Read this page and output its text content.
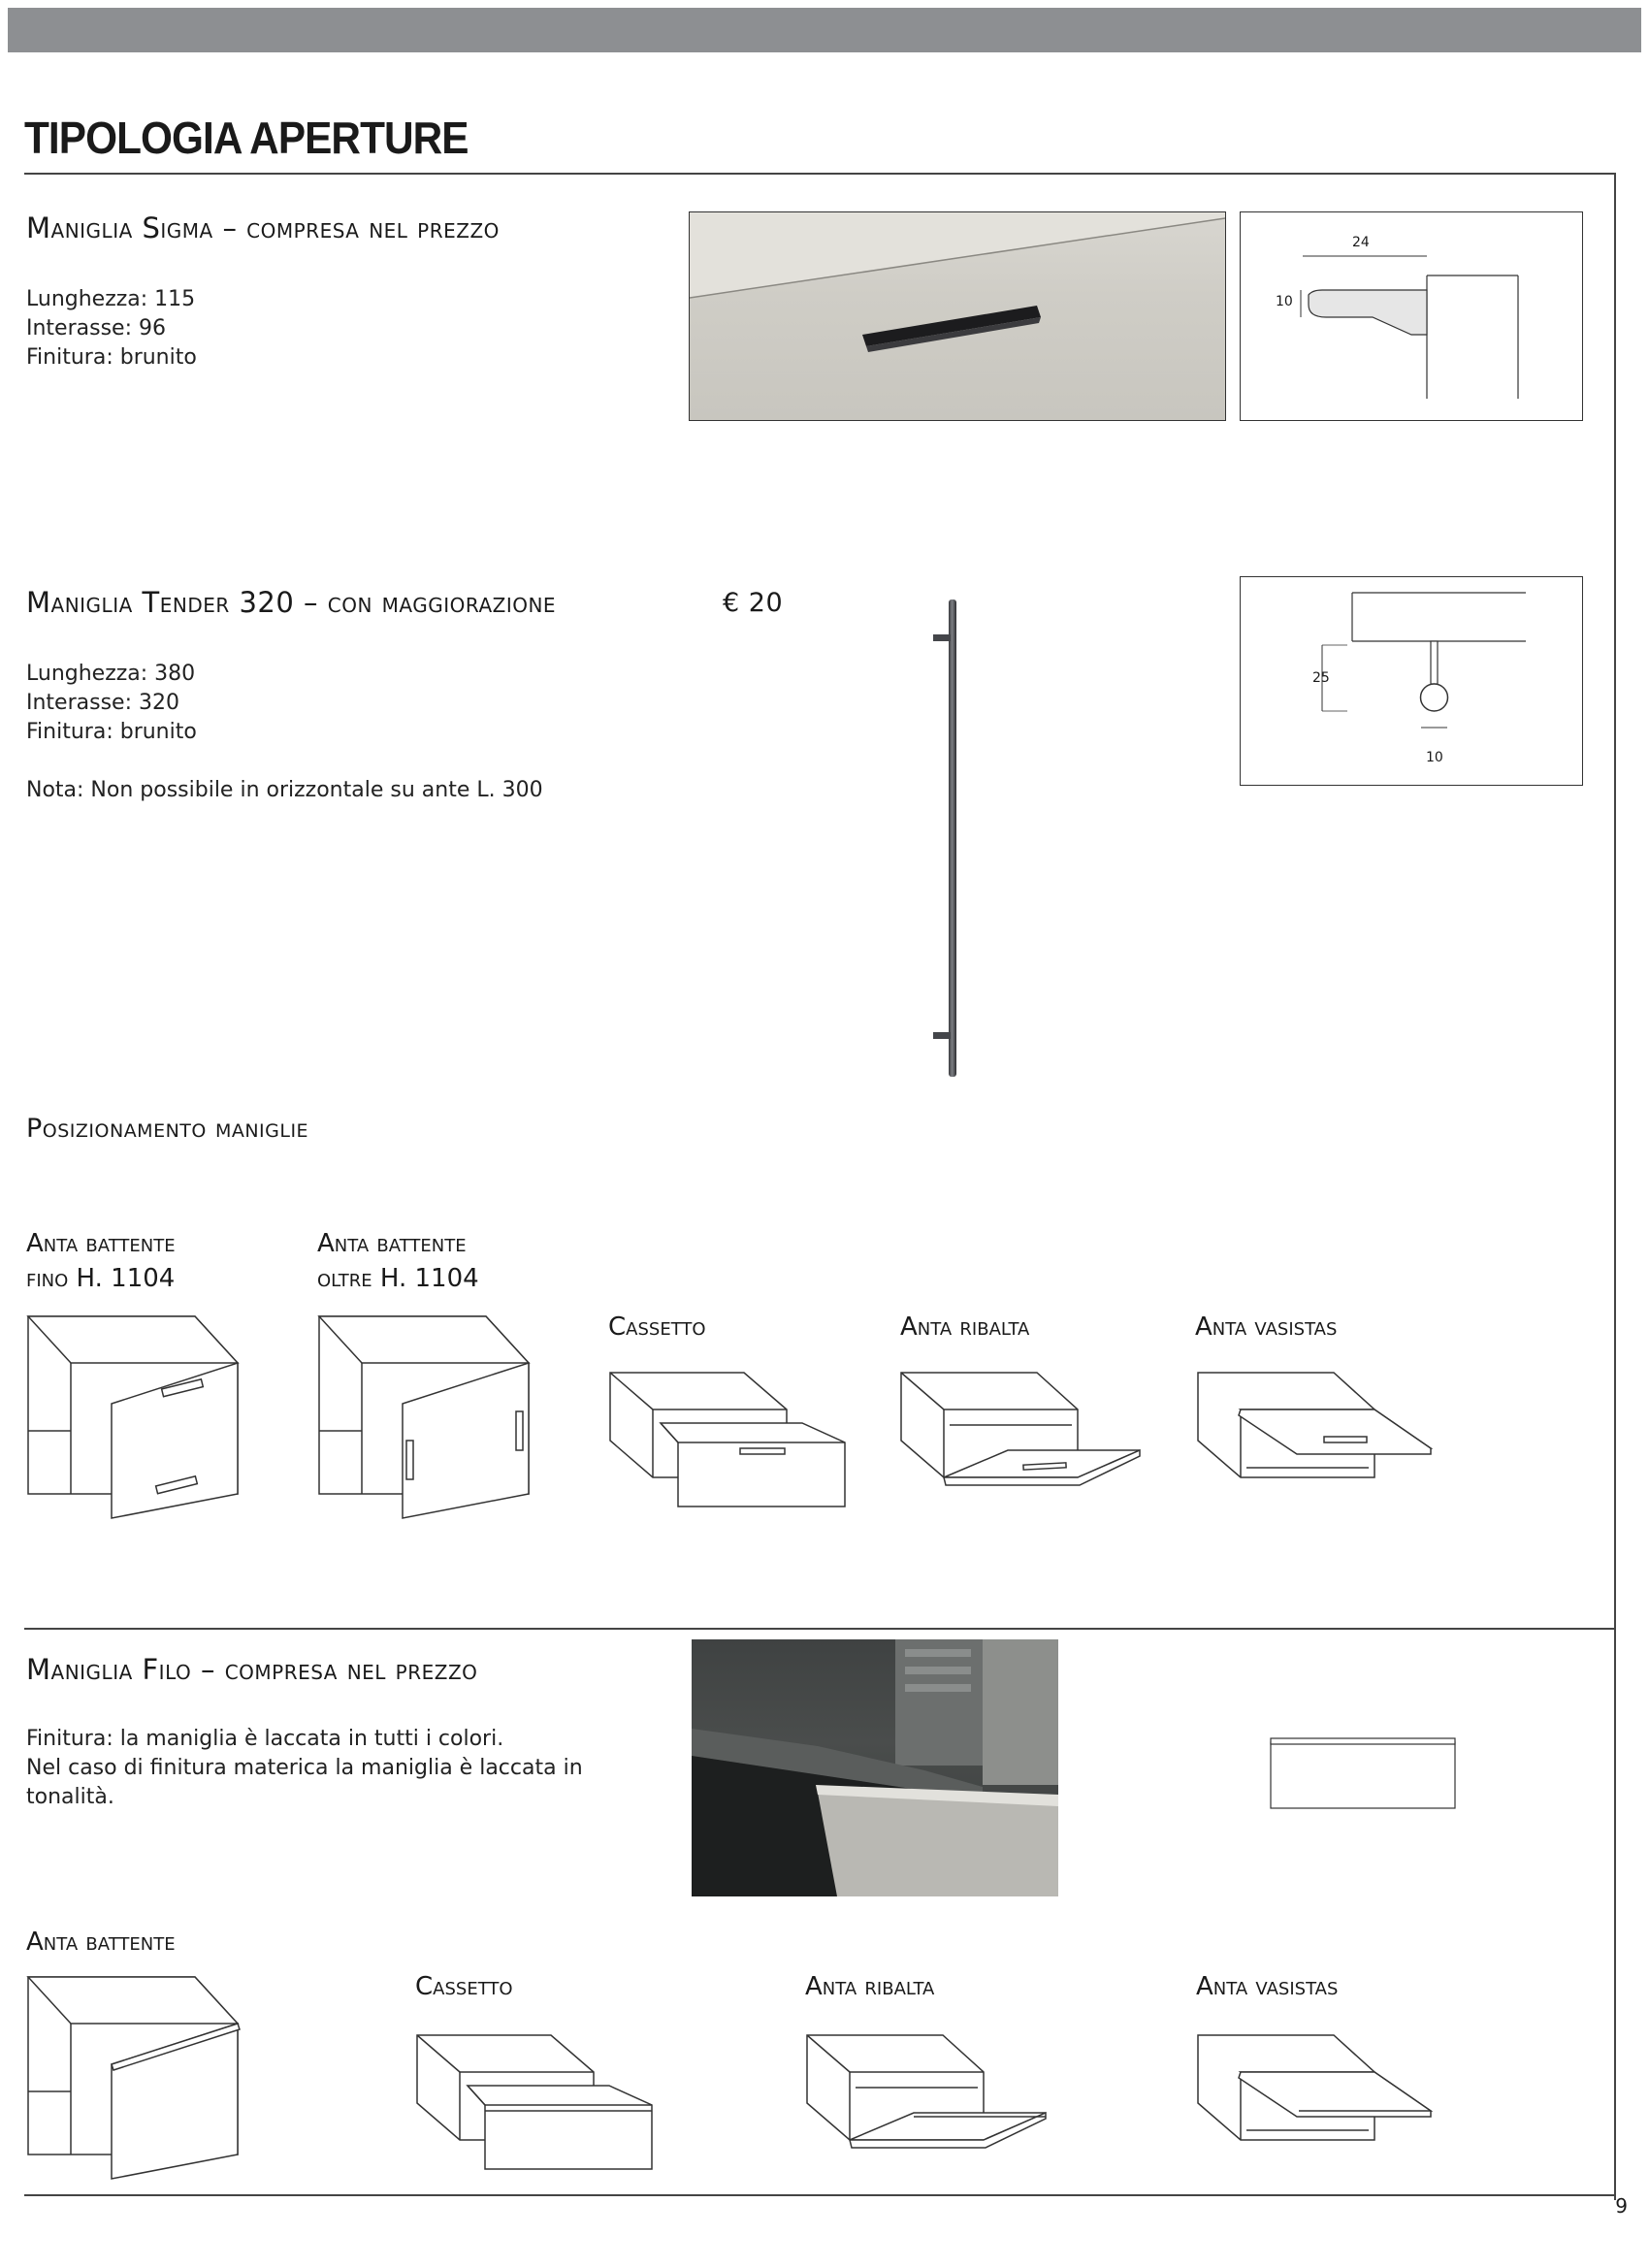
TIPOLOGIA APERTURE
Maniglia Sigma – compresa nel prezzo
Lunghezza: 115
Interasse: 96
Finitura: brunito
24
10
Maniglia Tender 320 – con maggiorazione	€ 20
Lunghezza: 380
Interasse: 320
Finitura: brunito
Nota: Non possibile in orizzontale su ante L. 300
25
10
Posizionamento maniglie
Anta battente
fino H. 1104
Anta battente
oltre H. 1104
Cassetto	Anta ribalta	Anta vasistas
Maniglia Filo – compresa nel prezzo
Finitura: la maniglia è laccata in tutti i colori.
Nel caso di finitura materica la maniglia è laccata in
tonalità.
Anta battente
Cassetto	Anta ribalta	Anta vasistas
9
